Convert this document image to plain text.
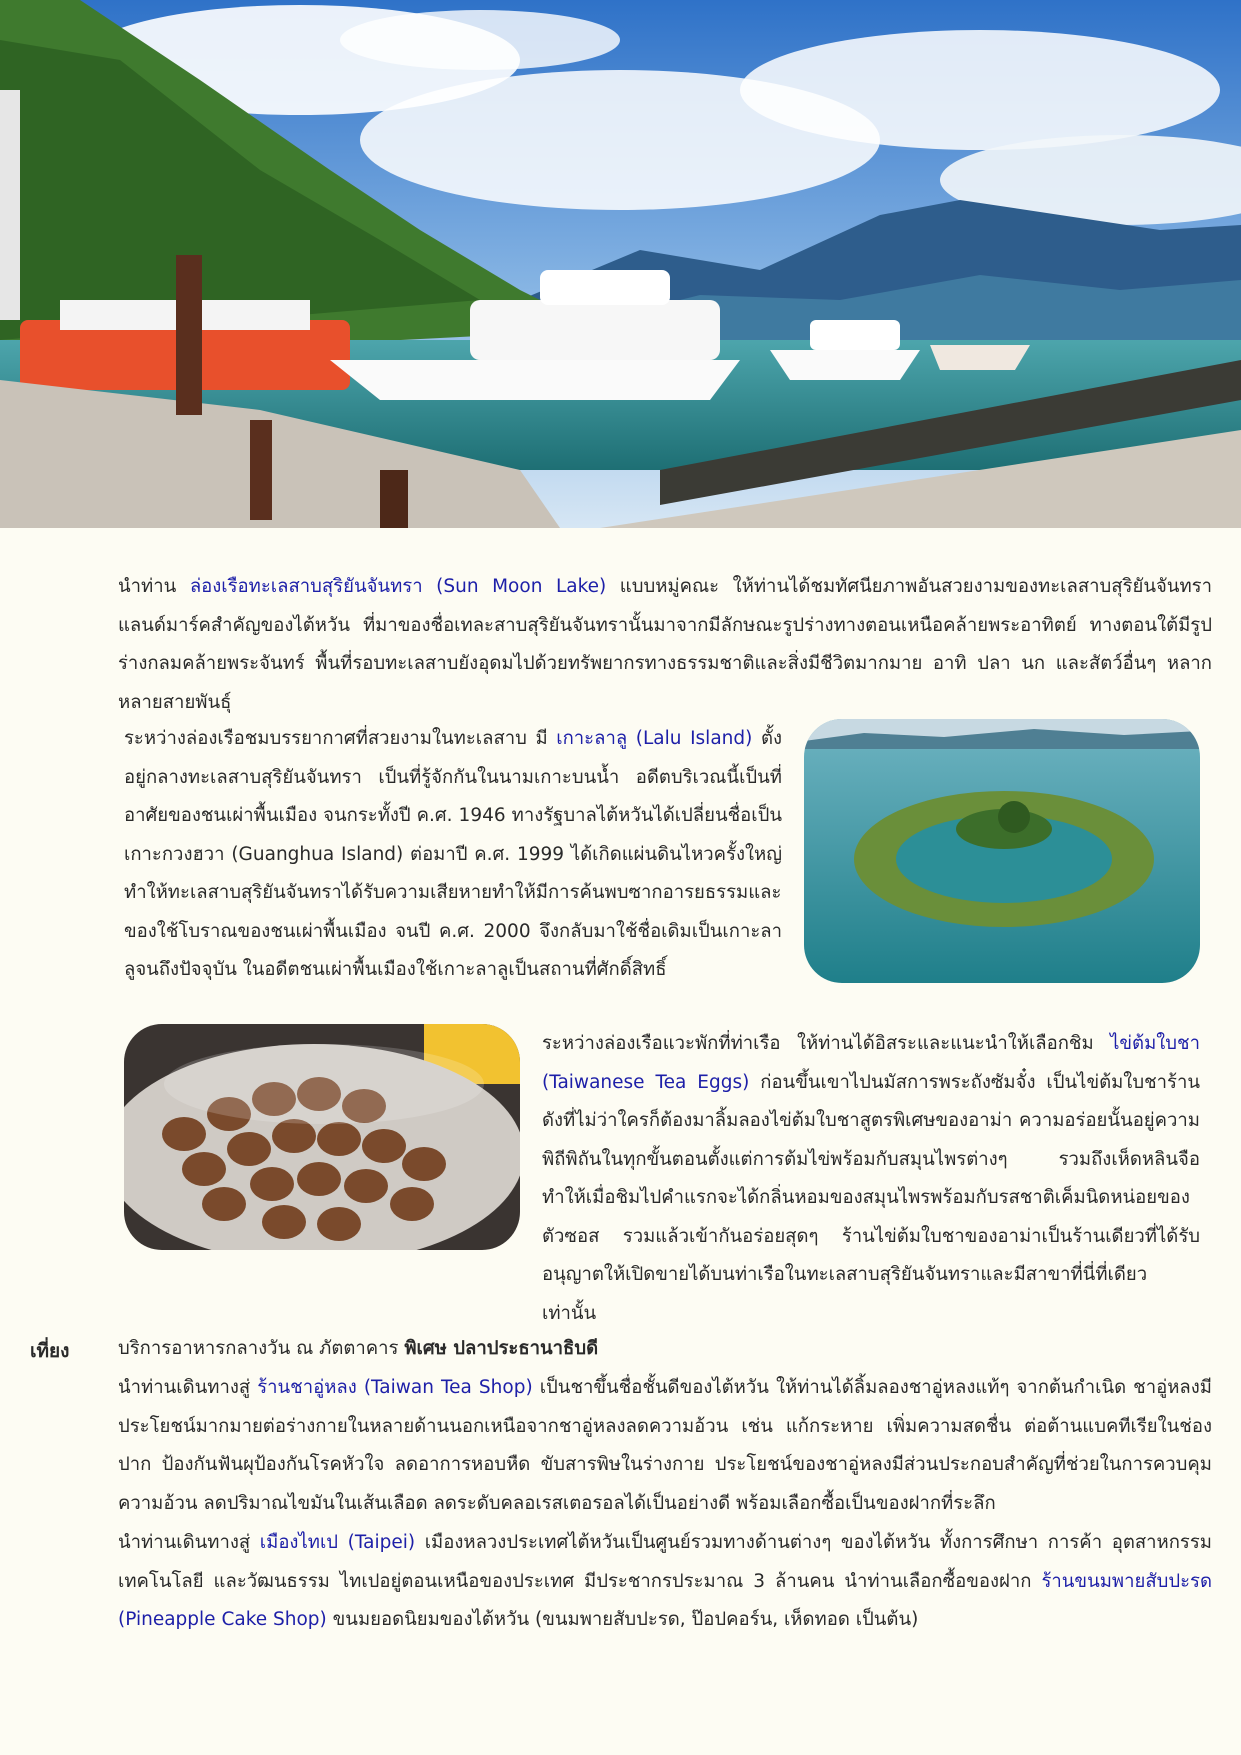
นำท่าน ล่องเรือทะเลสาบสุริยันจันทรา (Sun Moon Lake) แบบหมู่คณะ ให้ท่านได้ชมทัศนียภาพอันสวยงามของทะเลสาบสุริยันจันทราแลนด์มาร์คสำคัญของไต้หวัน ที่มาของชื่อเทละสาบสุริยันจันทรานั้นมาจากมีลักษณะรูปร่างทางตอนเหนือคล้ายพระอาทิตย์ ทางตอนใต้มีรูปร่างกลมคล้ายพระจันทร์ พื้นที่รอบทะเลสาบยังอุดมไปด้วยทรัพยากรทางธรรมชาติและสิ่งมีชีวิตมากมาย อาทิ ปลา นก และสัตว์อื่นๆ หลากหลายสายพันธุ์

ระหว่างล่องเรือชมบรรยากาศที่สวยงามในทะเลสาบ มี เกาะลาลู (Lalu Island) ตั้งอยู่กลางทะเลสาบสุริยันจันทรา เป็นที่รู้จักกันในนามเกาะบนน้ำ อดีตบริเวณนี้เป็นที่อาศัยของชนเผ่าพื้นเมือง จนกระทั้งปี ค.ศ. 1946 ทางรัฐบาลไต้หวันได้เปลี่ยนชื่อเป็น เกาะกวงฮวา (Guanghua Island) ต่อมาปี ค.ศ. 1999 ได้เกิดแผ่นดินไหวครั้งใหญ่ทำให้ทะเลสาบสุริยันจันทราได้รับความเสียหายทำให้มีการค้นพบซากอารยธรรมและของใช้โบราณของชนเผ่าพื้นเมือง จนปี ค.ศ. 2000 จึงกลับมาใช้ชื่อเดิมเป็นเกาะลาลูจนถึงปัจจุบัน ในอดีตชนเผ่าพื้นเมืองใช้เกาะลาลูเป็นสถานที่ศักดิ์สิทธิ์

ระหว่างล่องเรือแวะพักที่ท่าเรือ ให้ท่านได้อิสระและแนะนำให้เลือกชิม ไข่ต้มใบชา (Taiwanese Tea Eggs) ก่อนขึ้นเขาไปนมัสการพระถังซัมจั๋ง เป็นไข่ต้มใบชาร้านดังที่ไม่ว่าใครก็ต้องมาลิ้มลองไข่ต้มใบชาสูตรพิเศษของอาม่า ความอร่อยนั้นอยู่ความพิถีพิถันในทุกขั้นตอนตั้งแต่การต้มไข่พร้อมกับสมุนไพรต่างๆ รวมถึงเห็ดหลินจือ ทำให้เมื่อชิมไปคำแรกจะได้กลิ่นหอมของสมุนไพรพร้อมกับรสชาติเค็มนิดหน่อยของตัวซอส รวมแล้วเข้ากันอร่อยสุดๆ ร้านไข่ต้มใบชาของอาม่าเป็นร้านเดียวที่ได้รับอนุญาตให้เปิดขายได้บนท่าเรือในทะเลสาบสุริยันจันทราและมีสาขาที่นี่ที่เดียวเท่านั้น

เที่ยง	บริการอาหารกลางวัน ณ ภัตตาคาร พิเศษ ปลาประธานาธิบดี

นำท่านเดินทางสู่ ร้านชาอู่หลง (Taiwan Tea Shop) เป็นชาขึ้นชื่อชั้นดีของไต้หวัน ให้ท่านได้ลิ้มลองชาอู่หลงแท้ๆ จากต้นกำเนิด ชาอู่หลงมีประโยชน์มากมายต่อร่างกายในหลายด้านนอกเหนือจากชาอู่หลงลดความอ้วน เช่น แก้กระหาย เพิ่มความสดชื่น ต่อต้านแบคทีเรียในช่องปาก ป้องกันฟันผุป้องกันโรคหัวใจ ลดอาการหอบหืด ขับสารพิษในร่างกาย ประโยชน์ของชาอู่หลงมีส่วนประกอบสำคัญที่ช่วยในการควบคุมความอ้วน ลดปริมาณไขมันในเส้นเลือด ลดระดับคลอเรสเตอรอลได้เป็นอย่างดี พร้อมเลือกซื้อเป็นของฝากที่ระลึก

นำท่านเดินทางสู่ เมืองไทเป (Taipei) เมืองหลวงประเทศไต้หวันเป็นศูนย์รวมทางด้านต่างๆ ของไต้หวัน ทั้งการศึกษา การค้า อุตสาหกรรม เทคโนโลยี และวัฒนธรรม ไทเปอยู่ตอนเหนือของประเทศ มีประชากรประมาณ 3 ล้านคน นำท่านเลือกซื้อของฝาก ร้านขนมพายสับปะรด (Pineapple Cake Shop) ขนมยอดนิยมของไต้หวัน (ขนมพายสับปะรด, ป๊อปคอร์น, เห็ดทอด เป็นต้น)
